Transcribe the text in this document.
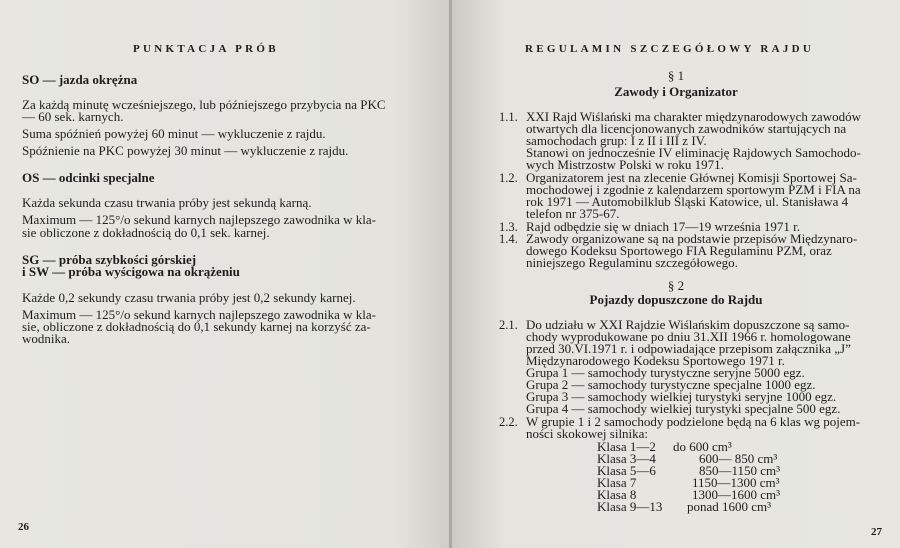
PUNKTACJA PRÓB
SO — jazda okrężna
Za każdą minutę wcześniejszego, lub późniejszego przybycia na PKC
— 60 sek. karnych.
Suma spóźnień powyżej 60 minut — wykluczenie z rajdu.
Spóźnienie na PKC powyżej 30 minut — wykluczenie z rajdu.
OS — odcinki specjalne
Każda sekunda czasu trwania próby jest sekundą karną.
Maximum — 125°/o sekund karnych najlepszego zawodnika w kla-
sie obliczone z dokładnością do 0,1 sek. karnej.
SG — próba szybkości górskiej
i SW — próba wyścigowa na okrążeniu
Każde 0,2 sekundy czasu trwania próby jest 0,2 sekundy karnej.
Maximum — 125°/o sekund karnych najlepszego zawodnika w kla-
sie, obliczone z dokładnością do 0,1 sekundy karnej na korzyść za-
wodnika.
26
REGULAMIN SZCZEGÓŁOWY RAJDU
§ 1
Zawody i Organizator
1.1. XXI Rajd Wiślański ma charakter międzynarodowych zawodów
otwartych dla licencjonowanych zawodników startujących na
samochodach grup: I z II i III z IV.
Stanowi on jednocześnie IV eliminację Rajdowych Samochodo-
wych Mistrzostw Polski w roku 1971.
1.2. Organizatorem jest na zlecenie Głównej Komisji Sportowej Sa-
mochodowej i zgodnie z kalendarzem sportowym PZM i FIA na
rok 1971 — Automobilklub Śląski Katowice, ul. Stanisława 4
telefon nr 375-67.
1.3. Rajd odbędzie się w dniach 17—19 września 1971 r.
1.4. Zawody organizowane są na podstawie przepisów Międzynaro-
dowego Kodeksu Sportowego FIA Regulaminu PZM, oraz
niniejszego Regulaminu szczegółowego.
§ 2
Pojazdy dopuszczone do Rajdu
2.1. Do udziału w XXI Rajdzie Wiślańskim dopuszczone są samo-
chody wyprodukowane po dniu 31.XII 1966 r. homologowane
przed 30.VI.1971 r. i odpowiadające przepisom załącznika „J”
Międzynarodowego Kodeksu Sportowego 1971 r.
Grupa 1 — samochody turystyczne seryjne 5000 egz.
Grupa 2 — samochody turystyczne specjalne 1000 egz.
Grupa 3 — samochody wielkiej turystyki seryjne 1000 egz.
Grupa 4 — samochody wielkiej turystyki specjalne 500 egz.
2.2. W grupie 1 i 2 samochody podzielone będą na 6 klas wg pojem-
ności skokowej silnika:
Klasa 1—2 do 600 cm³
Klasa 3—4	600— 850 cm³
Klasa 5—6	850—1150 cm³
Klasa 7	1150—1300 cm³
Klasa 8	1300—1600 cm³
Klasa 9—13 ponad 1600 cm³
27
